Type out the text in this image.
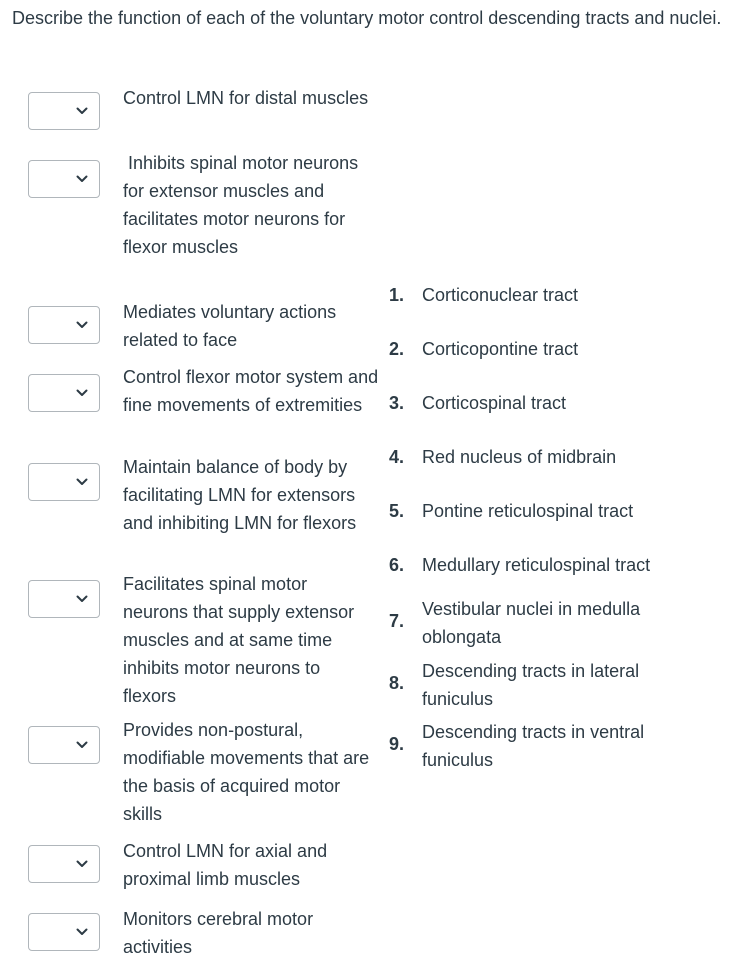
Describe the function of each of the voluntary motor control descending tracts and nuclei.
Control LMN for distal muscles
Inhibits spinal motor neurons for extensor muscles and facilitates motor neurons for flexor muscles
Mediates voluntary actions related to face
Control flexor motor system and fine movements of extremities
Maintain balance of body by facilitating LMN for extensors and inhibiting LMN for flexors
Facilitates spinal motor neurons that supply extensor muscles and at same time inhibits motor neurons to flexors
Provides non-postural, modifiable movements that are the basis of acquired motor skills
Control LMN for axial and proximal limb muscles
Monitors cerebral motor activities
1. Corticonuclear tract
2. Corticopontine tract
3. Corticospinal tract
4. Red nucleus of midbrain
5. Pontine reticulospinal tract
6. Medullary reticulospinal tract
7.
Vestibular nuclei in medulla oblongata
8.
Descending tracts in lateral funiculus
9.
Descending tracts in ventral funiculus
